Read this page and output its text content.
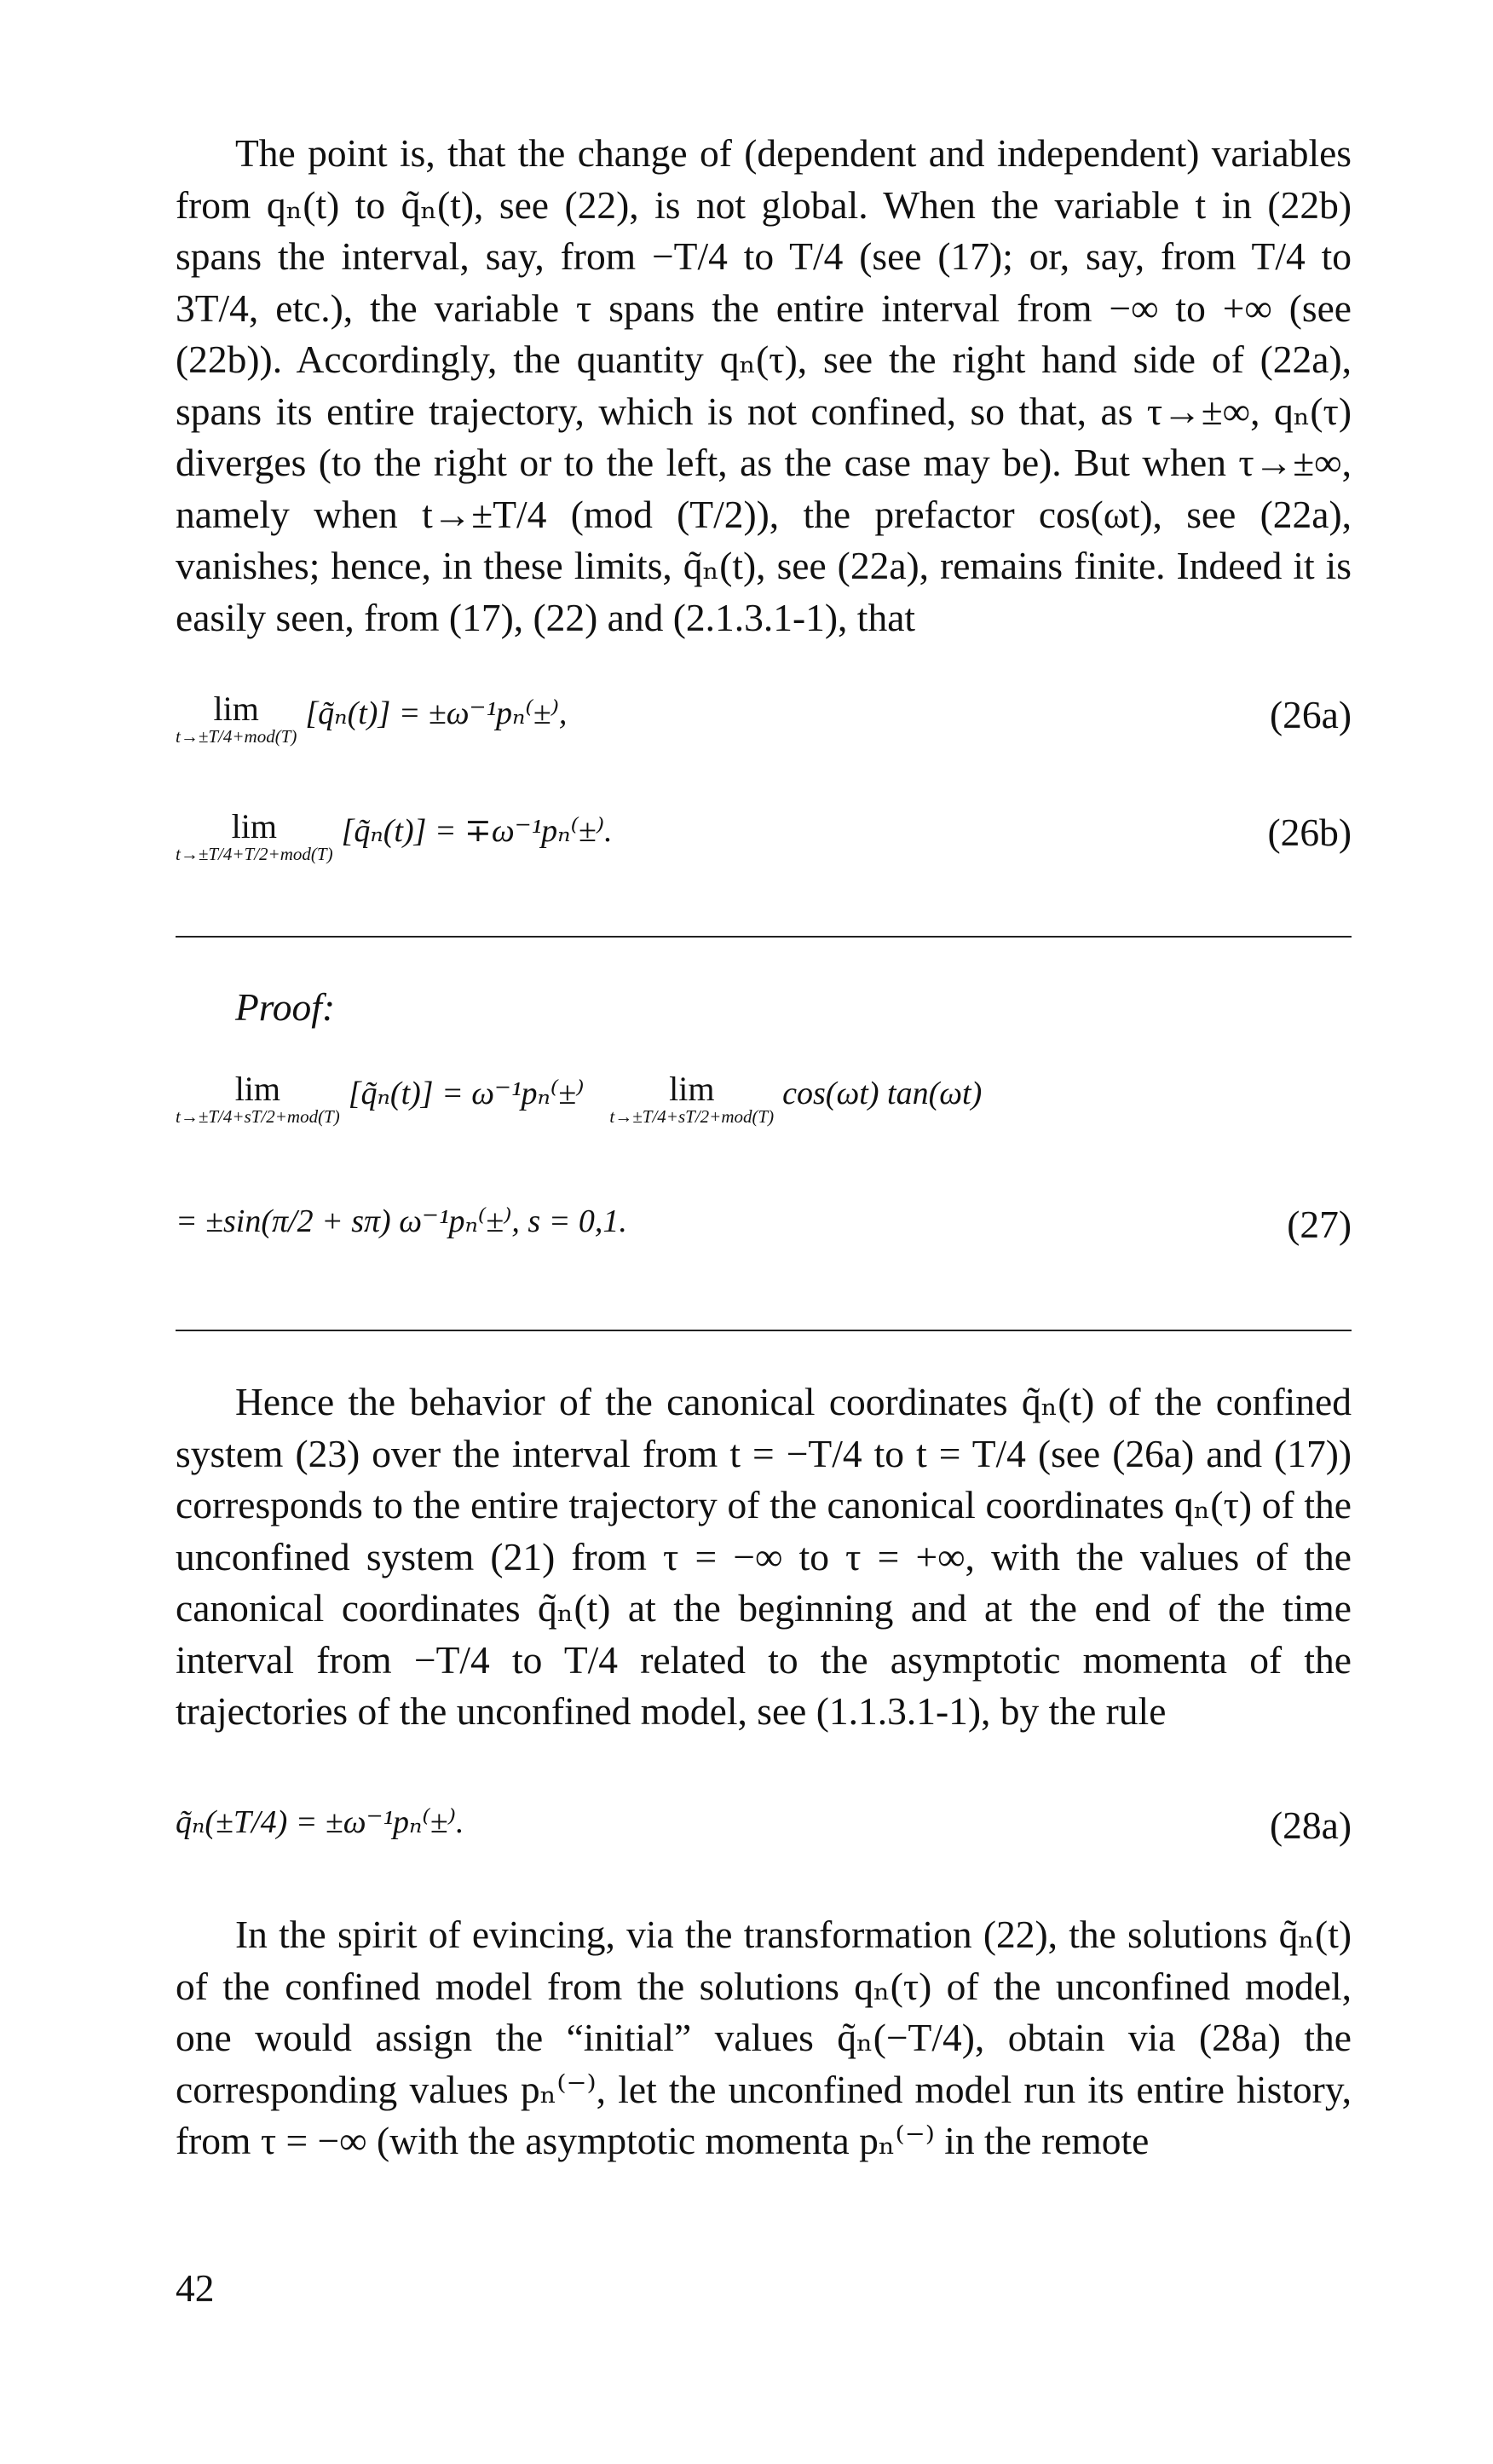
The point is, that the change of (dependent and independent) variables from qₙ(t) to q̃ₙ(t), see (22), is not global. When the variable t in (22b) spans the interval, say, from −T/4 to T/4 (see (17); or, say, from T/4 to 3T/4, etc.), the variable τ spans the entire interval from −∞ to +∞ (see (22b)). Accordingly, the quantity qₙ(τ), see the right hand side of (22a), spans its entire trajectory, which is not confined, so that, as τ→±∞, qₙ(τ) diverges (to the right or to the left, as the case may be). But when τ→±∞, namely when t→±T/4 (mod (T/2)), the prefactor cos(ωt), see (22a), vanishes; hence, in these limits, q̃ₙ(t), see (22a), remains finite. Indeed it is easily seen, from (17), (22) and (2.1.3.1-1), that

lim
t→±T/4+mod(T)
[q̃ₙ(t)] = ±ω⁻¹pₙ⁽±⁾,	(26a)
lim
t→±T/4+T/2+mod(T)
[q̃ₙ(t)] = ∓ω⁻¹pₙ⁽±⁾.	(26b)
Proof:
lim
t→±T/4+sT/2+mod(T)
[q̃ₙ(t)] = ω⁻¹pₙ⁽±⁾	lim
t→±T/4+sT/2+mod(T)
cos(ωt) tan(ωt)
= ±sin(π/2 + sπ) ω⁻¹pₙ⁽±⁾, s = 0,1.	(27)

Hence the behavior of the canonical coordinates q̃ₙ(t) of the confined system (23) over the interval from t = −T/4 to t = T/4 (see (26a) and (17)) corresponds to the entire trajectory of the canonical coordinates qₙ(τ) of the unconfined system (21) from τ = −∞ to τ = +∞, with the values of the canonical coordinates q̃ₙ(t) at the beginning and at the end of the time interval from −T/4 to T/4 related to the asymptotic momenta of the trajectories of the unconfined model, see (1.1.3.1-1), by the rule

q̃ₙ(±T/4) = ±ω⁻¹pₙ⁽±⁾.	(28a)

In the spirit of evincing, via the transformation (22), the solutions q̃ₙ(t) of the confined model from the solutions qₙ(τ) of the unconfined model, one would assign the “initial” values q̃ₙ(−T/4), obtain via (28a) the corresponding values pₙ⁽⁻⁾, let the unconfined model run its entire history, from τ = −∞ (with the asymptotic momenta pₙ⁽⁻⁾ in the remote

42
